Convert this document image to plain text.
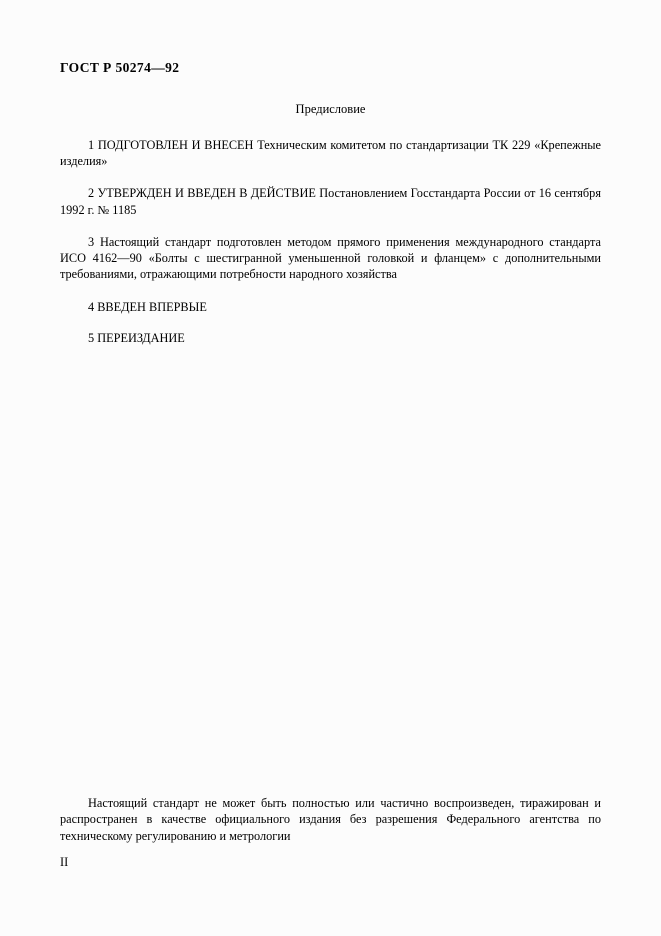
ГОСТ Р 50274—92
Предисловие

1 ПОДГОТОВЛЕН И ВНЕСЕН Техническим комитетом по стандартизации ТК 229 «Крепежные изделия»

2 УТВЕРЖДЕН И ВВЕДЕН В ДЕЙСТВИЕ Постановлением Госстандарта России от 16 сентября 1992 г. № 1185

3 Настоящий стандарт подготовлен методом прямого применения международного стандарта ИСО 4162—90 «Болты с шестигранной уменьшенной головкой и фланцем» с дополнительными требованиями, отражающими потребности народного хозяйства

4 ВВЕДЕН ВПЕРВЫЕ

5 ПЕРЕИЗДАНИЕ

Настоящий стандарт не может быть полностью или частично воспроизведен, тиражирован и распространен в качестве официального издания без разрешения Федерального агентства по техническому регулированию и метрологии
II
